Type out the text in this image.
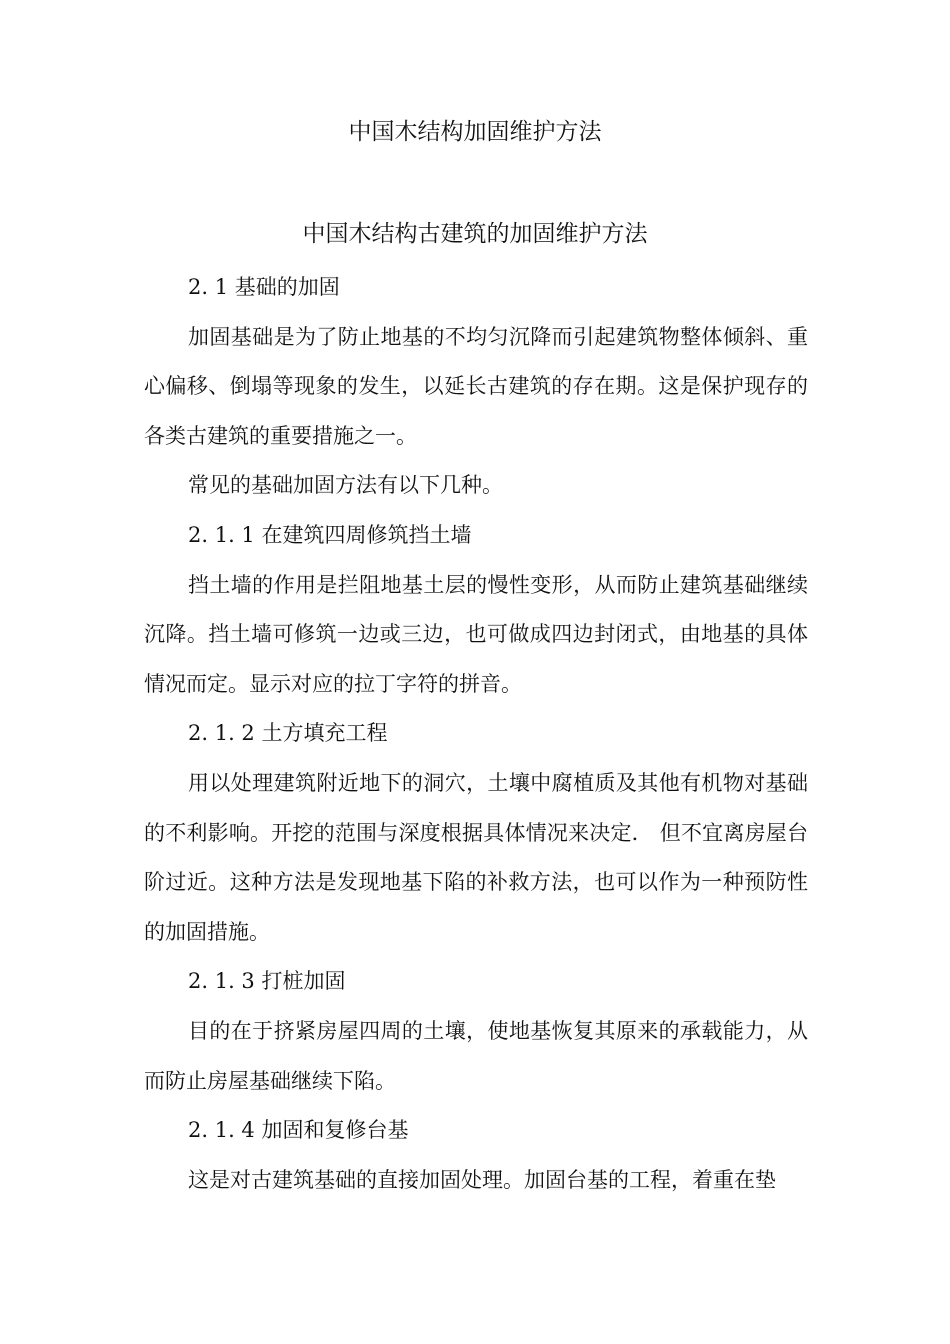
中国木结构加固维护方法
中国木结构古建筑的加固维护方法

2. 1 基础的加固

加固基础是为了防止地基的不均匀沉降而引起建筑物整体倾斜、重心偏移、倒塌等现象的发生，以延长古建筑的存在期。这是保护现存的各类古建筑的重要措施之一。

常见的基础加固方法有以下几种。

2. 1. 1 在建筑四周修筑挡土墙

挡土墙的作用是拦阻地基土层的慢性变形，从而防止建筑基础继续沉降。挡土墙可修筑一边或三边，也可做成四边封闭式，由地基的具体情况而定。显示对应的拉丁字符的拼音。

2. 1. 2 土方填充工程

用以处理建筑附近地下的洞穴，土壤中腐植质及其他有机物对基础的不利影响。开挖的范围与深度根据具体情况来决定． 但不宜离房屋台阶过近。这种方法是发现地基下陷的补救方法，也可以作为一种预防性的加固措施。

2. 1. 3 打桩加固

目的在于挤紧房屋四周的土壤，使地基恢复其原来的承载能力，从而防止房屋基础继续下陷。

2. 1. 4 加固和复修台基

这是对古建筑基础的直接加固处理。加固台基的工程，着重在垫
